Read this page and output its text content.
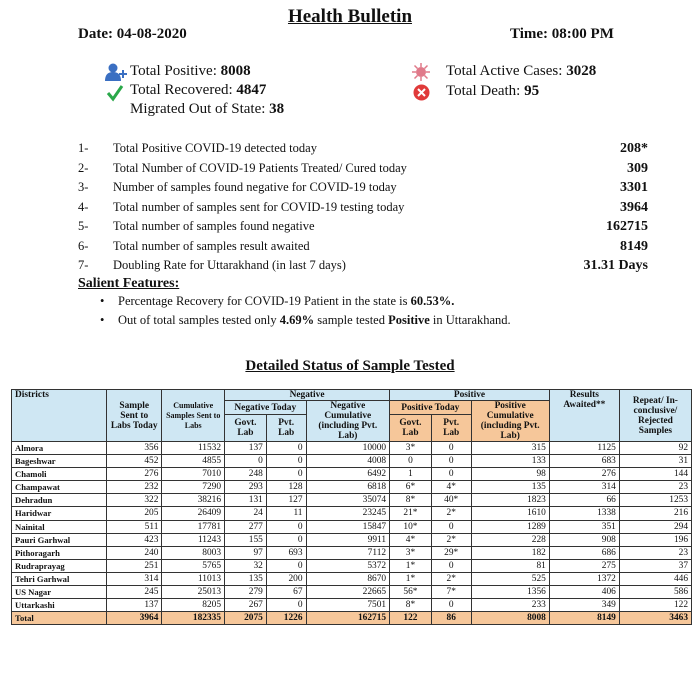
Health Bulletin
Date: 04-08-2020	Time: 08:00 PM
Total Positive: 8008
Total Recovered: 4847
Migrated Out of State: 38
Total Active Cases: 3028
Total Death: 95
1- Total Positive COVID-19 detected today	208*
2- Total Number of COVID-19 Patients Treated/ Cured today	309
3- Number of samples found negative for COVID-19 today	3301
4- Total number of samples sent for COVID-19 testing today	3964
5- Total number of samples found negative	162715
6- Total number of samples result awaited	8149
7- Doubling Rate for Uttarakhand (in last 7 days)	31.31 Days
Salient Features:
• Percentage Recovery for COVID-19 Patient in the state is 60.53%.
• Out of total samples tested only 4.69% sample tested Positive in Uttarakhand.
Detailed Status of Sample Tested
Districts	Sample Sent to Labs Today	Cumulative Samples Sent to Labs	Negative			Positive			Results Awaited**	Repeat/ In-conclusive/ Rejected Samples
			Negative Today		Negative Cumulative (including Pvt. Lab)	Positive Today		Positive Cumulative (including Pvt. Lab)		
			Govt. Lab	Pvt. Lab		Govt. Lab	Pvt. Lab			
Almora	356	11532	137	0	10000	3*	0	315	1125	92
Bageshwar	452	4855	0	0	4008	0	0	133	683	31
Chamoli	276	7010	248	0	6492	1	0	98	276	144
Champawat	232	7290	293	128	6818	6*	4*	135	314	23
Dehradun	322	38216	131	127	35074	8*	40*	1823	66	1253
Haridwar	205	26409	24	11	23245	21*	2*	1610	1338	216
Nainital	511	17781	277	0	15847	10*	0	1289	351	294
Pauri Garhwal	423	11243	155	0	9911	4*	2*	228	908	196
Pithoragarh	240	8003	97	693	7112	3*	29*	182	686	23
Rudraprayag	251	5765	32	0	5372	1*	0	81	275	37
Tehri Garhwal	314	11013	135	200	8670	1*	2*	525	1372	446
US Nagar	245	25013	279	67	22665	56*	7*	1356	406	586
Uttarkashi	137	8205	267	0	7501	8*	0	233	349	122
Total	3964	182335	2075	1226	162715	122	86	8008	8149	3463
